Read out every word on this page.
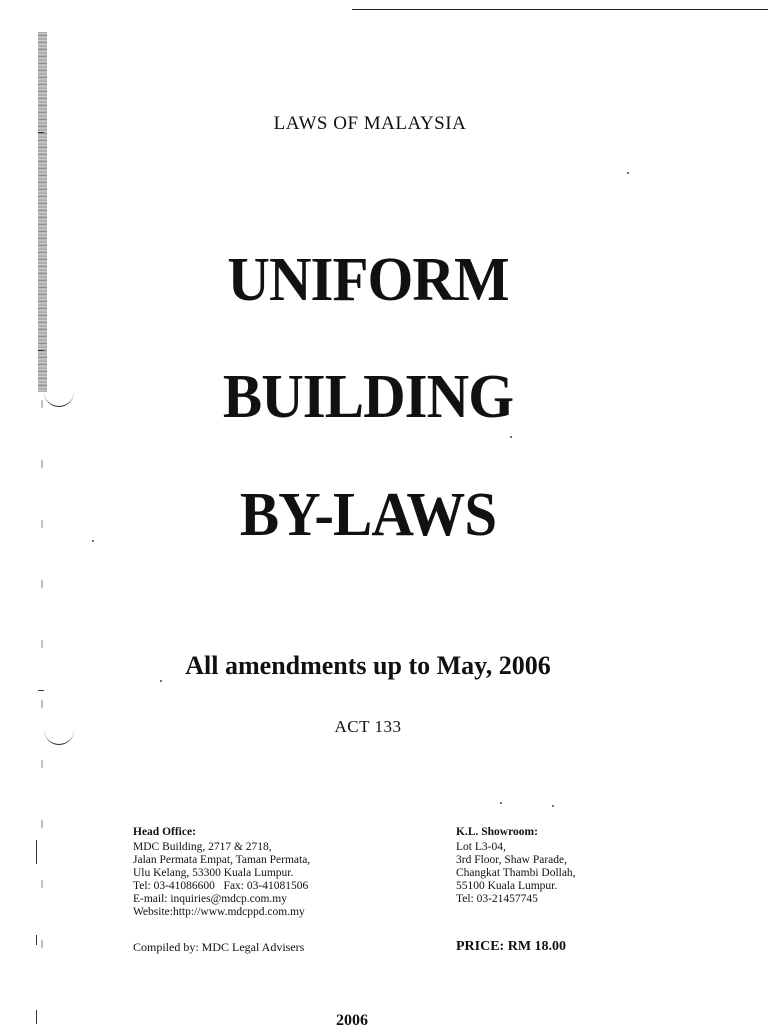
LAWS OF MALAYSIA
UNIFORM
BUILDING
BY-LAWS
All amendments up to May, 2006
ACT 133
Head Office:
MDC Building, 2717 & 2718,
Jalan Permata Empat, Taman Permata,
Ulu Kelang, 53300 Kuala Lumpur.
Tel: 03-41086600   Fax: 03-41081506
E-mail: inquiries@mdcp.com.my
Website:http://www.mdcppd.com.my
K.L. Showroom:
Lot L3-04,
3rd Floor, Shaw Parade,
Changkat Thambi Dollah,
55100 Kuala Lumpur.
Tel: 03-21457745
Compiled by: MDC Legal Advisers	PRICE: RM 18.00
2006
